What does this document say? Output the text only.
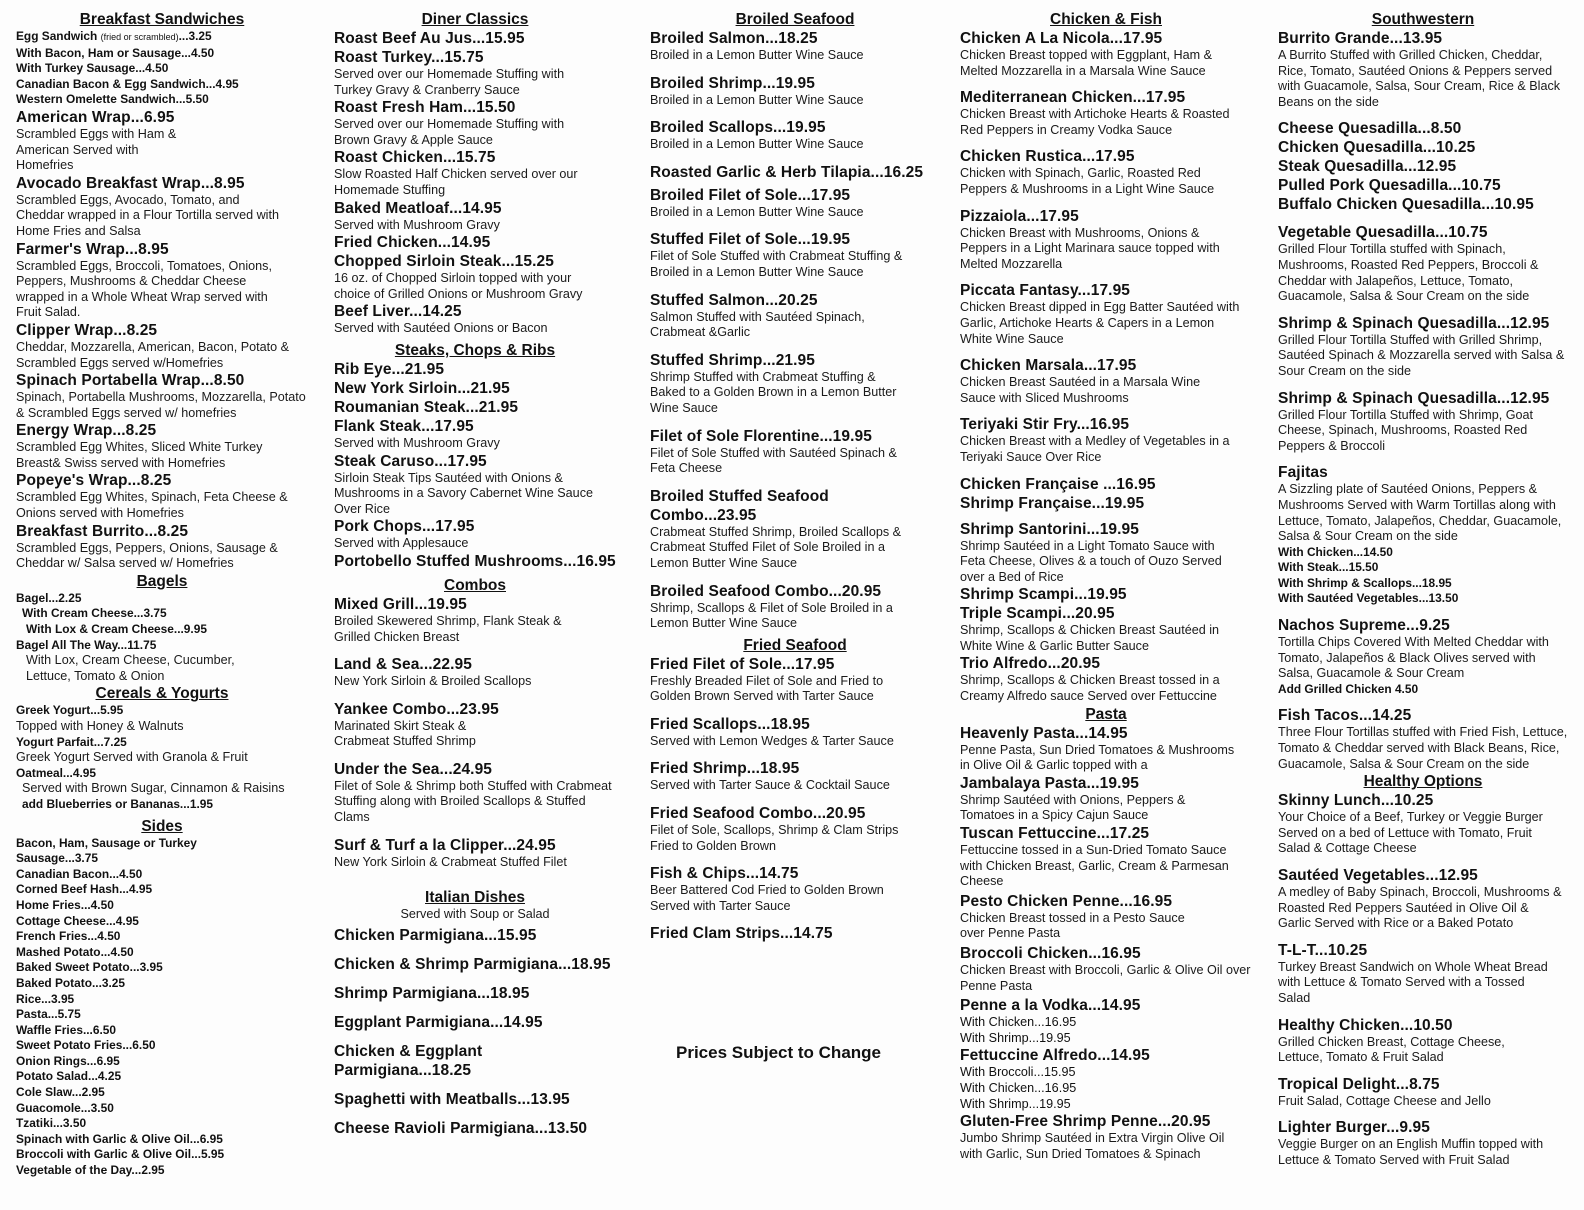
Breakfast Sandwiches
Egg Sandwich (fried or scrambled)...3.25
With Bacon, Ham or Sausage...4.50
With Turkey Sausage...4.50
Canadian Bacon & Egg Sandwich...4.95
Western Omelette Sandwich...5.50
American Wrap...6.95
Scrambled Eggs with Ham & American Served with Homefries
Avocado Breakfast Wrap...8.95
Scrambled Eggs, Avocado, Tomato, and Cheddar wrapped in a Flour Tortilla served with Home Fries and Salsa
Farmer's Wrap...8.95
Scrambled Eggs, Broccoli, Tomatoes, Onions, Peppers, Mushrooms & Cheddar Cheese wrapped in a Whole Wheat Wrap served with Fruit Salad.
Clipper Wrap...8.25
Cheddar, Mozzarella, American, Bacon, Potato & Scrambled Eggs served w/Homefries
Spinach Portabella Wrap...8.50
Spinach, Portabella Mushrooms, Mozzarella, Potato & Scrambled Eggs served w/ homefries
Energy Wrap...8.25
Scrambled Egg Whites, Sliced White Turkey Breast& Swiss served with Homefries
Popeye's Wrap...8.25
Scrambled Egg Whites, Spinach, Feta Cheese & Onions served with Homefries
Breakfast Burrito...8.25
Scrambled Eggs, Peppers, Onions, Sausage & Cheddar w/ Salsa served w/ Homefries
Bagels
Bagel...2.25
With Cream Cheese...3.75
With Lox & Cream Cheese...9.95
Bagel All The Way...11.75
With Lox, Cream Cheese, Cucumber, Lettuce, Tomato & Onion
Cereals & Yogurts
Greek Yogurt...5.95
Topped with Honey & Walnuts
Yogurt Parfait...7.25
Greek Yogurt Served with Granola & Fruit
Oatmeal...4.95
Served with Brown Sugar, Cinnamon & Raisins
add Blueberries or Bananas...1.95
Sides
Bacon, Ham, Sausage or Turkey
Sausage...3.75
Canadian Bacon...4.50
Corned Beef Hash...4.95
Home Fries...4.50
Cottage Cheese...4.95
French Fries...4.50
Mashed Potato...4.50
Baked Sweet Potato...3.95
Baked Potato...3.25
Rice...3.95
Pasta...5.75
Waffle Fries...6.50
Sweet Potato Fries...6.50
Onion Rings...6.95
Potato Salad...4.25
Cole Slaw...2.95
Guacomole...3.50
Tzatiki...3.50
Spinach with Garlic & Olive Oil...6.95
Broccoli with Garlic & Olive Oil...5.95
Vegetable of the Day...2.95
Diner Classics
Roast Beef Au Jus...15.95
Roast Turkey...15.75
Served over our Homemade Stuffing with Turkey Gravy & Cranberry Sauce
Roast Fresh Ham...15.50
Served over our Homemade Stuffing with Brown Gravy & Apple Sauce
Roast Chicken...15.75
Slow Roasted Half Chicken served over our Homemade Stuffing
Baked Meatloaf...14.95
Served with Mushroom Gravy
Fried Chicken...14.95
Chopped Sirloin Steak...15.25
16 oz. of Chopped Sirloin topped with your choice of Grilled Onions or Mushroom Gravy
Beef Liver...14.25
Served with Sautéed Onions or Bacon
Steaks, Chops & Ribs
Rib Eye...21.95
New York Sirloin...21.95
Roumanian Steak...21.95
Flank Steak...17.95
Served with Mushroom Gravy
Steak Caruso...17.95
Sirloin Steak Tips Sautéed with Onions & Mushrooms in a Savory Cabernet Wine Sauce Over Rice
Pork Chops...17.95
Served with Applesauce
Portobello Stuffed Mushrooms...16.95
Combos
Mixed Grill...19.95
Broiled Skewered Shrimp, Flank Steak & Grilled Chicken Breast
Land & Sea...22.95
New York Sirloin & Broiled Scallops
Yankee Combo...23.95
Marinated Skirt Steak & Crabmeat Stuffed Shrimp
Under the Sea...24.95
Filet of Sole & Shrimp both Stuffed with Crabmeat Stuffing along with Broiled Scallops & Stuffed Clams
Surf & Turf a la Clipper...24.95
New York Sirloin & Crabmeat Stuffed Filet
Italian Dishes
Served with Soup or Salad
Chicken Parmigiana...15.95
Chicken & Shrimp Parmigiana...18.95
Shrimp Parmigiana...18.95
Eggplant Parmigiana...14.95
Chicken & Eggplant
Parmigiana...18.25
Spaghetti with Meatballs...13.95
Cheese Ravioli Parmigiana...13.50
Broiled Seafood
Broiled Salmon...18.25
Broiled in a Lemon Butter Wine Sauce
Broiled Shrimp...19.95
Broiled in a Lemon Butter Wine Sauce
Broiled Scallops...19.95
Broiled in a Lemon Butter Wine Sauce
Roasted Garlic & Herb Tilapia...16.25
Broiled Filet of Sole...17.95
Broiled in a Lemon Butter Wine Sauce
Stuffed Filet of Sole...19.95
Filet of Sole Stuffed with Crabmeat Stuffing & Broiled in a Lemon Butter Wine Sauce
Stuffed Salmon...20.25
Salmon Stuffed with Sautéed Spinach, Crabmeat &Garlic
Stuffed Shrimp...21.95
Shrimp Stuffed with Crabmeat Stuffing & Baked to a Golden Brown in a Lemon Butter Wine Sauce
Filet of Sole Florentine...19.95
Filet of Sole Stuffed with Sautéed Spinach & Feta Cheese
Broiled Stuffed Seafood
Combo...23.95
Crabmeat Stuffed Shrimp, Broiled Scallops & Crabmeat Stuffed Filet of Sole Broiled in a Lemon Butter Wine Sauce
Broiled Seafood Combo...20.95
Shrimp, Scallops & Filet of Sole Broiled in a Lemon Butter Wine Sauce
Fried Seafood
Fried Filet of Sole...17.95
Freshly Breaded Filet of Sole and Fried to Golden Brown Served with Tarter Sauce
Fried Scallops...18.95
Served with Lemon Wedges & Tarter Sauce
Fried Shrimp...18.95
Served with Tarter Sauce & Cocktail Sauce
Fried Seafood Combo...20.95
Filet of Sole, Scallops, Shrimp & Clam Strips Fried to Golden Brown
Fish & Chips...14.75
Beer Battered Cod Fried to Golden Brown Served with Tarter Sauce
Fried Clam Strips...14.75
Prices Subject to Change
Chicken & Fish
Chicken A La Nicola...17.95
Chicken Breast topped with Eggplant, Ham & Melted Mozzarella in a Marsala Wine Sauce
Mediterranean Chicken...17.95
Chicken Breast with Artichoke Hearts & Roasted Red Peppers in Creamy Vodka Sauce
Chicken Rustica...17.95
Chicken with Spinach, Garlic, Roasted Red Peppers & Mushrooms in a Light Wine Sauce
Pizzaiola...17.95
Chicken Breast with Mushrooms, Onions & Peppers in a Light Marinara sauce topped with Melted Mozzarella
Piccata Fantasy...17.95
Chicken Breast dipped in Egg Batter Sautéed with Garlic, Artichoke Hearts & Capers in a Lemon White Wine Sauce
Chicken Marsala...17.95
Chicken Breast Sautéed in a Marsala Wine Sauce with Sliced Mushrooms
Teriyaki Stir Fry...16.95
Chicken Breast with a Medley of Vegetables in a Teriyaki Sauce Over Rice
Chicken Française ...16.95
Shrimp Française...19.95
Shrimp Santorini...19.95
Shrimp Sautéed in a Light Tomato Sauce with Feta Cheese, Olives & a touch of Ouzo Served over a Bed of Rice
Shrimp Scampi...19.95
Triple Scampi...20.95
Shrimp, Scallops & Chicken Breast Sautéed in White Wine & Garlic Butter Sauce
Trio Alfredo...20.95
Shrimp, Scallops & Chicken Breast tossed in a Creamy Alfredo sauce Served over Fettuccine
Pasta
Heavenly Pasta...14.95
Penne Pasta, Sun Dried Tomatoes & Mushrooms in Olive Oil & Garlic topped with a
Jambalaya Pasta...19.95
Shrimp Sautéed with Onions, Peppers & Tomatoes in a Spicy Cajun Sauce
Tuscan Fettuccine...17.25
Fettuccine tossed in a Sun-Dried Tomato Sauce with Chicken Breast, Garlic, Cream & Parmesan Cheese
Pesto Chicken Penne...16.95
Chicken Breast tossed in a Pesto Sauce over Penne Pasta
Broccoli Chicken...16.95
Chicken Breast with Broccoli, Garlic & Olive Oil over Penne Pasta
Penne a la Vodka...14.95
With Chicken...16.95
With Shrimp...19.95
Fettuccine Alfredo...14.95
With Broccoli...15.95
With Chicken...16.95
With Shrimp...19.95
Gluten-Free Shrimp Penne...20.95
Jumbo Shrimp Sautéed in Extra Virgin Olive Oil with Garlic, Sun Dried Tomatoes & Spinach
Southwestern
Burrito Grande...13.95
A Burrito Stuffed with Grilled Chicken, Cheddar, Rice, Tomato, Sautéed Onions & Peppers served with Guacamole, Salsa, Sour Cream, Rice & Black Beans on the side
Cheese Quesadilla...8.50
Chicken Quesadilla...10.25
Steak Quesadilla...12.95
Pulled Pork Quesadilla...10.75
Buffalo Chicken Quesadilla...10.95
Vegetable Quesadilla...10.75
Grilled Flour Tortilla stuffed with Spinach, Mushrooms, Roasted Red Peppers, Broccoli & Cheddar with Jalapeños, Lettuce, Tomato, Guacamole, Salsa & Sour Cream on the side
Shrimp & Spinach Quesadilla...12.95
Grilled Flour Tortilla Stuffed with Grilled Shrimp, Sautéed Spinach & Mozzarella served with Salsa & Sour Cream on the side
Shrimp & Spinach Quesadilla...12.95
Grilled Flour Tortilla Stuffed with Shrimp, Goat Cheese, Spinach, Mushrooms, Roasted Red Peppers & Broccoli
Fajitas
A Sizzling plate of Sautéed Onions, Peppers & Mushrooms Served with Warm Tortillas along with Lettuce, Tomato, Jalapeños, Cheddar, Guacamole, Salsa & Sour Cream on the side
With Chicken...14.50
With Steak...15.50
With Shrimp & Scallops...18.95
With Sautéed Vegetables...13.50
Nachos Supreme...9.25
Tortilla Chips Covered With Melted Cheddar with Tomato, Jalapeños & Black Olives served with Salsa, Guacamole & Sour Cream
Add Grilled Chicken 4.50
Fish Tacos...14.25
Three Flour Tortillas stuffed with Fried Fish, Lettuce, Tomato & Cheddar served with Black Beans, Rice, Guacamole, Salsa & Sour Cream on the side
Healthy Options
Skinny Lunch...10.25
Your Choice of a Beef, Turkey or Veggie Burger Served on a bed of Lettuce with Tomato, Fruit Salad & Cottage Cheese
Sautéed Vegetables...12.95
A medley of Baby Spinach, Broccoli, Mushrooms & Roasted Red Peppers Sautéed in Olive Oil & Garlic Served with Rice or a Baked Potato
T-L-T...10.25
Turkey Breast Sandwich on Whole Wheat Bread with Lettuce & Tomato Served with a Tossed Salad
Healthy Chicken...10.50
Grilled Chicken Breast, Cottage Cheese, Lettuce, Tomato & Fruit Salad
Tropical Delight...8.75
Fruit Salad, Cottage Cheese and Jello
Lighter Burger...9.95
Veggie Burger on an English Muffin topped with Lettuce & Tomato Served with Fruit Salad
